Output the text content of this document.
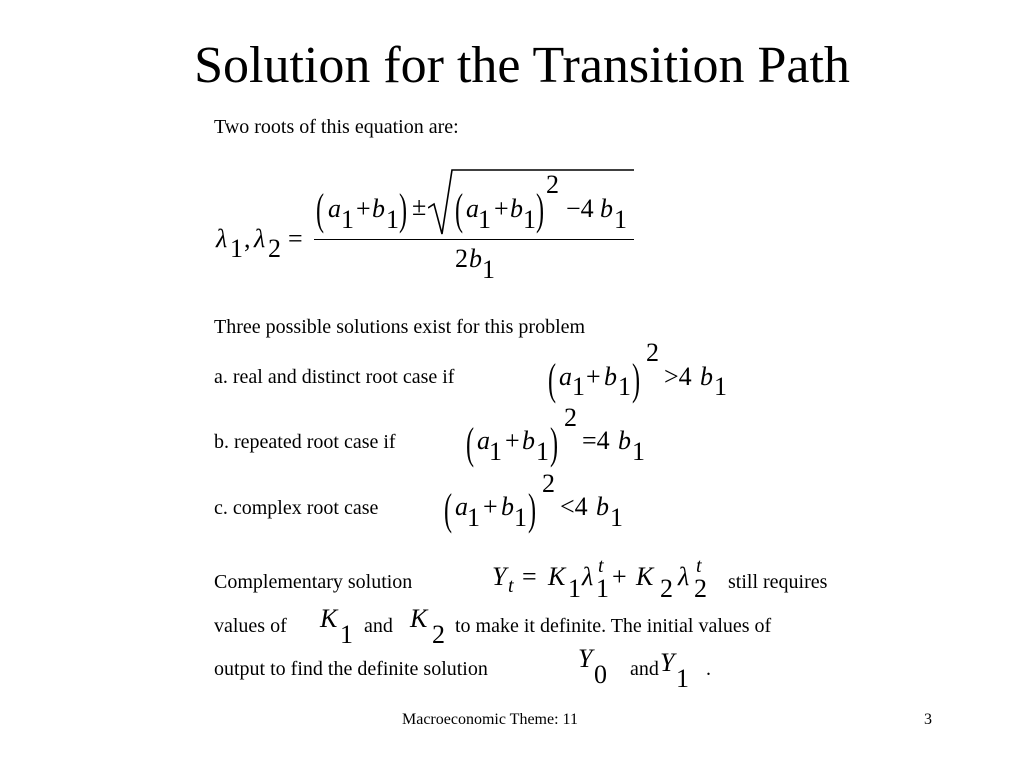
Solution for the Transition Path
Two roots of this equation are:
λ 1 , λ 2 =
( a 1 + b 1 ) ± ( a 1 + b 1 )
2
−4 b 1
2 b 1
Three possible solutions exist for this problem
a. real and distinct root case if ( a 1 + b 1 )
2
>4 b 1
b. repeated root case if ( a 1 + b 1 )
2
=4 b 1
c. complex root case ( a 1 + b 1 )
2
<4 b 1
Complementary solution	Y t = K 1 λ t
1 + K 2 λ t
2 still requires
values of K
1 and K
2 to make it definite. The initial values of
output to find the definite solution	Y
0 and Y
1 .
Macroeconomic Theme: 11	3
